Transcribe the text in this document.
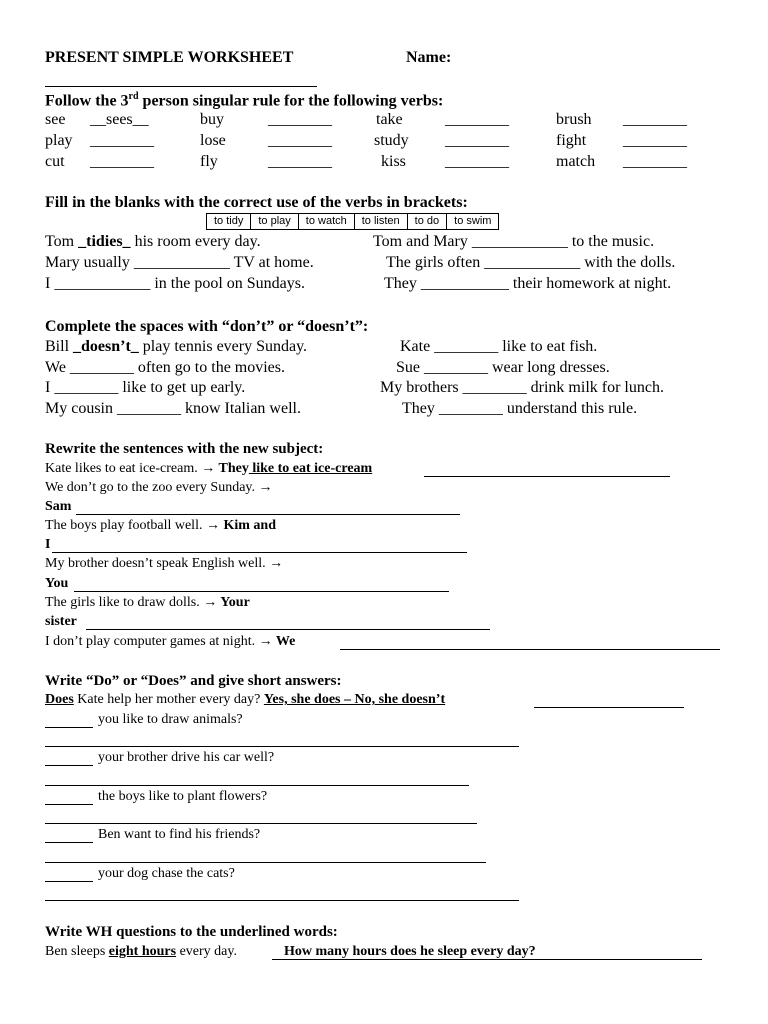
PRESENT SIMPLE WORKSHEET	Name:
Follow the 3rd person singular rule for the following verbs:
see __sees__	buy	________	take	________	brush ________
play ________	lose	________	study ________	fight ________
cut ________	fly	________	kiss ________	match ________
Fill in the blanks with the correct use of the verbs in brackets:
to tidy	to play	to watch	to listen	to do	to swim
Tom _tidies_ his room every day.
Mary usually ____________ TV at home.
I ____________ in the pool on Sundays.
Tom and Mary ____________ to the music.
The girls often ____________ with the dolls.
They ___________ their homework at night.
Complete the spaces with “don’t” or “doesn’t”:
Bill _doesn’t_ play tennis every Sunday.
We ________ often go to the movies.
I ________ like to get up early.
My cousin ________ know Italian well.
Kate ________ like to eat fish.
Sue ________ wear long dresses.
My brothers ________ drink milk for lunch.
They ________ understand this rule.
Rewrite the sentences with the new subject:
Kate likes to eat ice-cream. → They like to eat ice-cream
We don’t go to the zoo every Sunday. →
Sam
The boys play football well. → Kim and
I
My brother doesn’t speak English well. →
You
The girls like to draw dolls. → Your
sister
I don’t play computer games at night. → We
Write “Do” or “Does” and give short answers:
Does Kate help her mother every day? Yes, she does – No, she doesn’t
you like to draw animals?
your brother drive his car well?
the boys like to plant flowers?
Ben want to find his friends?
your dog chase the cats?
Write WH questions to the underlined words:
Ben sleeps eight hours every day.	How many hours does he sleep every day?
